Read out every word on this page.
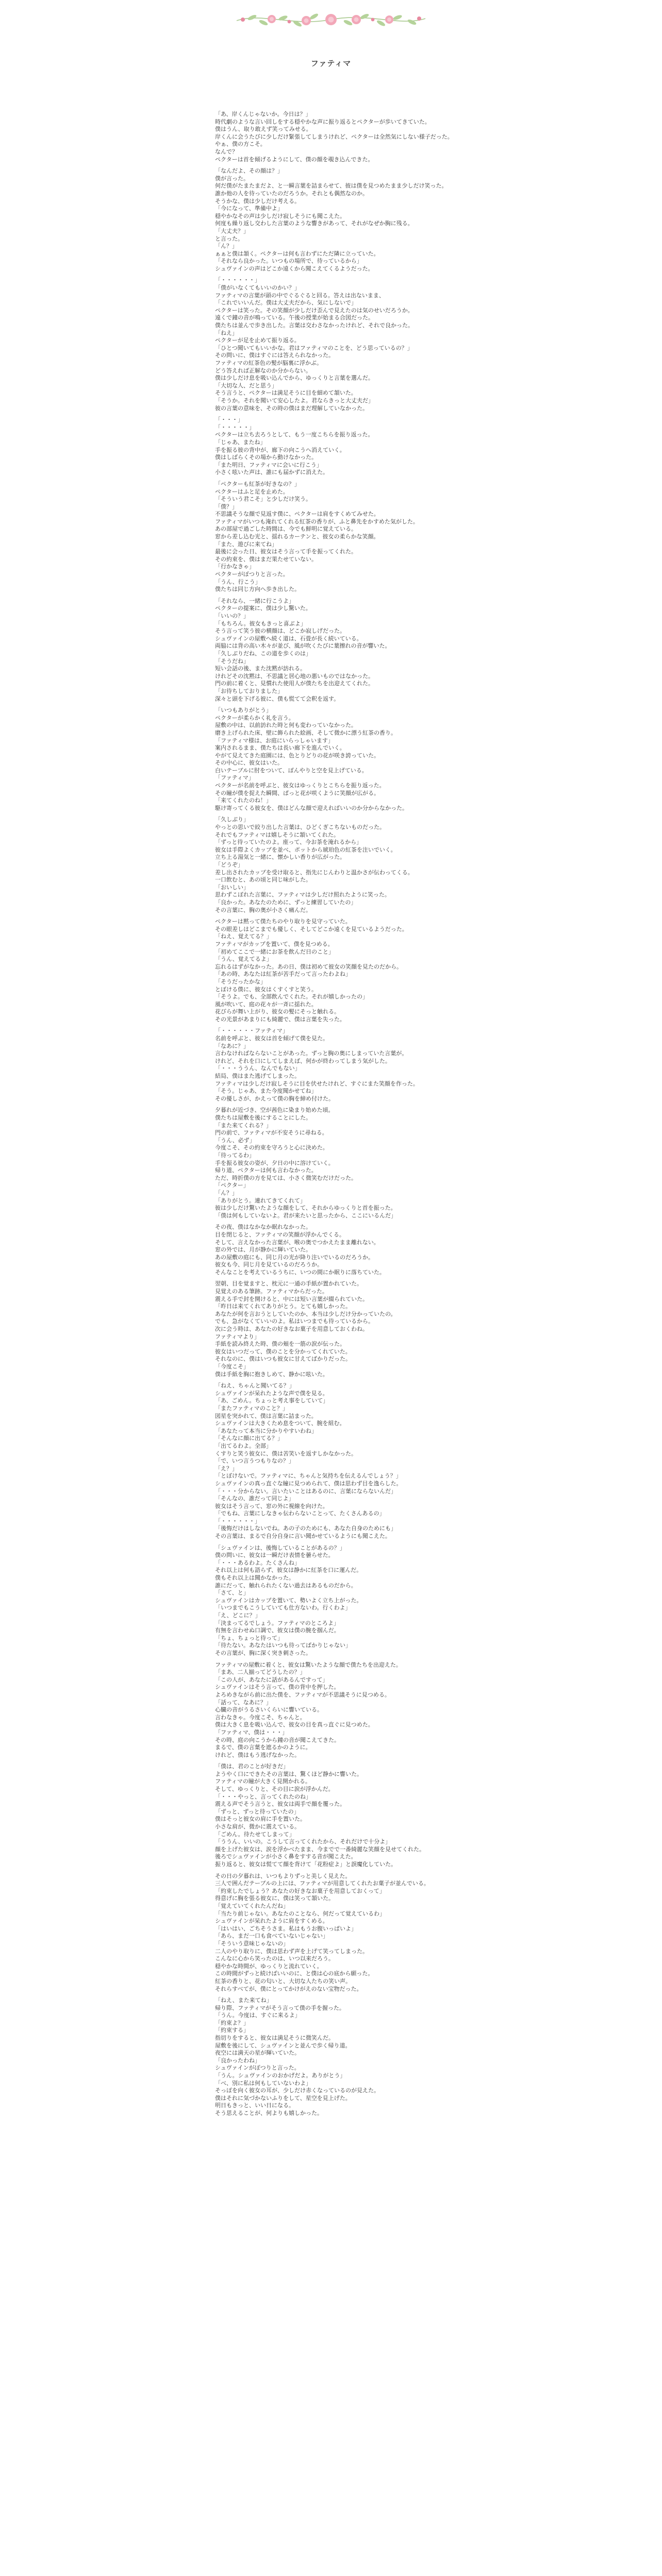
ファティマ
「あ、岸くんじゃないか。今日は？」
時代劇のような言い回しをする穏やかな声に振り返るとペクターが歩いてきていた。
僕はうん、取り敢えず笑ってみせる。
岸くんに会うたびに少しだけ緊張してしまうけれど、ペクターは全然気にしない様子だった。
やぁ、僕の方こそ。
なんで？
ペクターは首を傾げるようにして、僕の顔を覗き込んできた。
「なんだよ、その顔は？」
僕が言った。
何だ僕がたまたまだよ、と一瞬言葉を詰まらせて、彼は僕を見つめたまま少しだけ笑った。
誰か他の人を待っていたのだろうか。それとも偶然なのか。
そうかな、僕は少しだけ考える。
「今になって、準備中よ」
穏やかなその声は少しだけ寂しそうにも聞こえた。
何度も繰り返し交わした言葉のような響きがあって、それがなぜか胸に残る。
「大丈夫？」
と言った。
「ん？」
ぁぁと僕は頷く。ペクターは何も言わずにただ隣に立っていた。
「それなら良かった。いつもの場所で、待っているから」
シュヴァインの声はどこか遠くから聞こえてくるようだった。
「・・・・・・」
「僕がいなくてもいいのかい？」
ファティマの言葉が頭の中でぐるぐると回る。答えは出ないまま、
「これでいいんだ。僕は大丈夫だから、気にしないで」
ペクターは笑った。その笑顔が少しだけ歪んで見えたのは気のせいだろうか。
遠くで鐘の音が鳴っている。午後の授業が始まる合図だった。
僕たちは並んで歩き出した。言葉は交わさなかったけれど、それで良かった。
「ねえ」
ペクターが足を止めて振り返る。
「ひとつ聞いてもいいかな。君はファティマのことを、どう思っているの？」
その問いに、僕はすぐには答えられなかった。
ファティマの紅茶色の髪が脳裏に浮かぶ。
どう答えれば正解なのか分からない。
僕は少しだけ息を吸い込んでから、ゆっくりと言葉を選んだ。
「大切な人、だと思う」
そう言うと、ペクターは満足そうに目を細めて頷いた。
「そうか。それを聞いて安心したよ。君ならきっと大丈夫だ」
彼の言葉の意味を、その時の僕はまだ理解していなかった。
「・・・」
「・・・・・」
ペクターは立ち去ろうとして、もう一度こちらを振り返った。
「じゃあ、またね」
手を振る彼の背中が、廊下の向こうへ消えていく。
僕はしばらくその場から動けなかった。
「また明日、ファティマに会いに行こう」
小さく呟いた声は、誰にも届かずに消えた。
「ペクターも紅茶が好きなの？」
ペクターはふと足を止めた。
「そういう君こそ」と少しだけ笑う。
「僕？」
不思議そうな顔で見返す僕に、ペクターは肩をすくめてみせた。
ファティマがいつも淹れてくれる紅茶の香りが、ふと鼻先をかすめた気がした。
あの部屋で過ごした時間は、今でも鮮明に覚えている。
窓から差し込む光と、揺れるカーテンと、彼女の柔らかな笑顔。
「また、遊びに来てね」
最後に会った日、彼女はそう言って手を振ってくれた。
その約束を、僕はまだ果たせていない。
「行かなきゃ」
ペクターがぽつりと言った。
「うん、行こう」
僕たちは同じ方向へ歩き出した。
「それなら、一緒に行こうよ」
ペクターの提案に、僕は少し驚いた。
「いいの？」
「もちろん。彼女もきっと喜ぶよ」
そう言って笑う彼の横顔は、どこか寂しげだった。
シュヴァインの屋敷へ続く道は、石畳が長く続いている。
両脇には背の高い木々が並び、風が吹くたびに葉擦れの音が響いた。
「久しぶりだね、この道を歩くのは」
「そうだね」
短い会話の後、また沈黙が訪れる。
けれどその沈黙は、不思議と居心地の悪いものではなかった。
門の前に着くと、見慣れた使用人が僕たちを出迎えてくれた。
「お待ちしておりました」
深々と頭を下げる彼に、僕も慌てて会釈を返す。
「いつもありがとう」
ペクターが柔らかく礼を言う。
屋敷の中は、以前訪れた時と何も変わっていなかった。
磨き上げられた床、壁に飾られた絵画、そして微かに漂う紅茶の香り。
「ファティマ様は、お庭にいらっしゃいます」
案内されるまま、僕たちは長い廊下を進んでいく。
やがて見えてきた庭園には、色とりどりの花が咲き誇っていた。
その中心に、彼女はいた。
白いテーブルに肘をついて、ぼんやりと空を見上げている。
「ファティマ」
ペクターが名前を呼ぶと、彼女はゆっくりとこちらを振り返った。
その瞳が僕を捉えた瞬間、ぱっと花が咲くように笑顔が広がる。
「来てくれたのね！」
駆け寄ってくる彼女を、僕はどんな顔で迎えればいいのか分からなかった。
「久しぶり」
やっとの思いで絞り出した言葉は、ひどくぎこちないものだった。
それでもファティマは嬉しそうに頷いてくれた。
「ずっと待っていたのよ。座って、今お茶を淹れるから」
彼女は手際よくカップを並べ、ポットから琥珀色の紅茶を注いでいく。
立ち上る湯気と一緒に、懐かしい香りが広がった。
「どうぞ」
差し出されたカップを受け取ると、指先にじんわりと温かさが伝わってくる。
一口飲むと、あの頃と同じ味がした。
「おいしい」
思わずこぼれた言葉に、ファティマは少しだけ照れたように笑った。
「良かった。あなたのために、ずっと練習していたの」
その言葉に、胸の奥が小さく痛んだ。
ペクターは黙って僕たちのやり取りを見守っていた。
その眼差しはどこまでも優しく、そしてどこか遠くを見ているようだった。
「ねえ、覚えてる？」
ファティマがカップを置いて、僕を見つめる。
「初めてここで一緒にお茶を飲んだ日のこと」
「うん、覚えてるよ」
忘れるはずがなかった。あの日、僕は初めて彼女の笑顔を見たのだから。
「あの時、あなたは紅茶が苦手だって言ったわよね」
「そうだったかな」
とぼける僕に、彼女はくすくすと笑う。
「そうよ。でも、全部飲んでくれた。それが嬉しかったの」
風が吹いて、庭の花々が一斉に揺れた。
花びらが舞い上がり、彼女の髪にそっと触れる。
その光景があまりにも綺麗で、僕は言葉を失った。
「・・・・・・ファティマ」
名前を呼ぶと、彼女は首を傾げて僕を見た。
「なあに？」
言わなければならないことがあった。ずっと胸の奥にしまっていた言葉が。
けれど、それを口にしてしまえば、何かが終わってしまう気がした。
「・・・ううん、なんでもない」
結局、僕はまた逃げてしまった。
ファティマは少しだけ寂しそうに目を伏せたけれど、すぐにまた笑顔を作った。
「そう。じゃあ、また今度聞かせてね」
その優しさが、かえって僕の胸を締め付けた。
夕暮れが近づき、空が茜色に染まり始めた頃。
僕たちは屋敷を後にすることにした。
「また来てくれる？」
門の前で、ファティマが不安そうに尋ねる。
「うん、必ず」
今度こそ、その約束を守ろうと心に決めた。
「待ってるわ」
手を振る彼女の姿が、夕日の中に溶けていく。
帰り道、ペクターは何も言わなかった。
ただ、時折僕の方を見ては、小さく微笑むだけだった。
「ペクター」
「ん？」
「ありがとう。連れてきてくれて」
彼は少しだけ驚いたような顔をして、それからゆっくりと首を振った。
「僕は何もしていないよ。君が来たいと思ったから、ここにいるんだ」
その夜、僕はなかなか眠れなかった。
目を閉じると、ファティマの笑顔が浮かんでくる。
そして、言えなかった言葉が、喉の奥でつかえたまま離れない。
窓の外では、月が静かに輝いていた。
あの屋敷の庭にも、同じ月の光が降り注いでいるのだろうか。
彼女も今、同じ月を見ているのだろうか。
そんなことを考えているうちに、いつの間にか眠りに落ちていた。
翌朝、目を覚ますと、枕元に一通の手紙が置かれていた。
見覚えのある筆跡。ファティマからだった。
震える手で封を開けると、中には短い言葉が綴られていた。
「昨日は来てくれてありがとう。とても嬉しかった。
あなたが何を言おうとしていたのか、本当は少しだけ分かっていたの。
でも、急がなくていいのよ。私はいつまでも待っているから。
次に会う時は、あなたの好きなお菓子を用意しておくわね。
ファティマより」
手紙を読み終えた時、僕の頬を一筋の涙が伝った。
彼女はいつだって、僕のことを分かってくれていた。
それなのに、僕はいつも彼女に甘えてばかりだった。
「今度こそ」
僕は手紙を胸に抱きしめて、静かに呟いた。
「ねえ、ちゃんと聞いてる？」
シュヴァインが呆れたような声で僕を見る。
「あ、ごめん。ちょっと考え事をしていて」
「またファティマのこと？」
図星を突かれて、僕は言葉に詰まった。
シュヴァインは大きくため息をついて、腕を組む。
「あなたって本当に分かりやすいわね」
「そんなに顔に出てる？」
「出てるわよ。全部」
くすりと笑う彼女に、僕は苦笑いを返すしかなかった。
「で、いつ言うつもりなの？」
「え？」
「とぼけないで。ファティマに、ちゃんと気持ちを伝えるんでしょう？」
シュヴァインの真っ直ぐな瞳に見つめられて、僕は思わず目を逸らした。
「・・・分からない。言いたいことはあるのに、言葉にならないんだ」
「そんなの、誰だって同じよ」
彼女はそう言って、窓の外に視線を向けた。
「でもね、言葉にしなきゃ伝わらないことって、たくさんあるの」
「・・・・・・」
「後悔だけはしないでね。あの子のためにも、あなた自身のためにも」
その言葉は、まるで自分自身に言い聞かせているようにも聞こえた。
「シュヴァインは、後悔していることがあるの？」
僕の問いに、彼女は一瞬だけ表情を曇らせた。
「・・・あるわよ。たくさんね」
それ以上は何も語らず、彼女は静かに紅茶を口に運んだ。
僕もそれ以上は聞かなかった。
誰にだって、触れられたくない過去はあるものだから。
「さて、と」
シュヴァインはカップを置いて、勢いよく立ち上がった。
「いつまでもこうしていても仕方ないわ。行くわよ」
「え、どこに？」
「決まってるでしょう。ファティマのところよ」
有無を言わせぬ口調で、彼女は僕の腕を掴んだ。
「ちょ、ちょっと待って」
「待たない。あなたはいつも待ってばかりじゃない」
その言葉が、胸に深く突き刺さった。
ファティマの屋敷に着くと、彼女は驚いたような顔で僕たちを出迎えた。
「まあ、二人揃ってどうしたの？」
「この人が、あなたに話があるんですって」
シュヴァインはそう言って、僕の背中を押した。
よろめきながら前に出た僕を、ファティマが不思議そうに見つめる。
「話って、なあに？」
心臓の音がうるさいくらいに響いている。
言わなきゃ。今度こそ、ちゃんと。
僕は大きく息を吸い込んで、彼女の目を真っ直ぐに見つめた。
「ファティマ、僕は・・・」
その時、庭の向こうから鐘の音が聞こえてきた。
まるで、僕の言葉を遮るかのように。
けれど、僕はもう逃げなかった。
「僕は、君のことが好きだ」
ようやく口にできたその言葉は、驚くほど静かに響いた。
ファティマの瞳が大きく見開かれる。
そして、ゆっくりと、その目に涙が浮かんだ。
「・・・やっと、言ってくれたのね」
震える声でそう言うと、彼女は両手で顔を覆った。
「ずっと、ずっと待っていたの」
僕はそっと彼女の肩に手を置いた。
小さな肩が、微かに震えている。
「ごめん。待たせてしまって」
「ううん、いいの。こうして言ってくれたから、それだけで十分よ」
顔を上げた彼女は、涙を浮かべたまま、今までで一番綺麗な笑顔を見せてくれた。
後ろでシュヴァインが小さく鼻をすする音が聞こえた。
振り返ると、彼女は慌てて顔を背けて「花粉症よ」と誤魔化していた。
その日の夕暮れは、いつもよりずっと美しく見えた。
三人で囲んだテーブルの上には、ファティマが用意してくれたお菓子が並んでいる。
「約束したでしょう？あなたの好きなお菓子を用意しておくって」
得意げに胸を張る彼女に、僕は笑って頷いた。
「覚えていてくれたんだね」
「当たり前じゃない。あなたのことなら、何だって覚えているわ」
シュヴァインが呆れたように肩をすくめる。
「はいはい、ごちそうさま。私はもうお腹いっぱいよ」
「あら、まだ一口も食べていないじゃない」
「そういう意味じゃないの」
二人のやり取りに、僕は思わず声を上げて笑ってしまった。
こんなに心から笑ったのは、いつ以来だろう。
穏やかな時間が、ゆっくりと流れていく。
この時間がずっと続けばいいのに、と僕は心の底から願った。
紅茶の香りと、花の匂いと、大切な人たちの笑い声。
それらすべてが、僕にとってかけがえのない宝物だった。
「ねえ、また来てね」
帰り際、ファティマがそう言って僕の手を握った。
「うん。今度は、すぐに来るよ」
「約束よ？」
「約束する」
指切りをすると、彼女は満足そうに微笑んだ。
屋敷を後にして、シュヴァインと並んで歩く帰り道。
夜空には満天の星が輝いていた。
「良かったわね」
シュヴァインがぽつりと言った。
「うん。シュヴァインのおかげだよ。ありがとう」
「べ、別に私は何もしていないわよ」
そっぽを向く彼女の耳が、少しだけ赤くなっているのが見えた。
僕はそれに気づかないふりをして、星空を見上げた。
明日もきっと、いい日になる。
そう思えることが、何よりも嬉しかった。
